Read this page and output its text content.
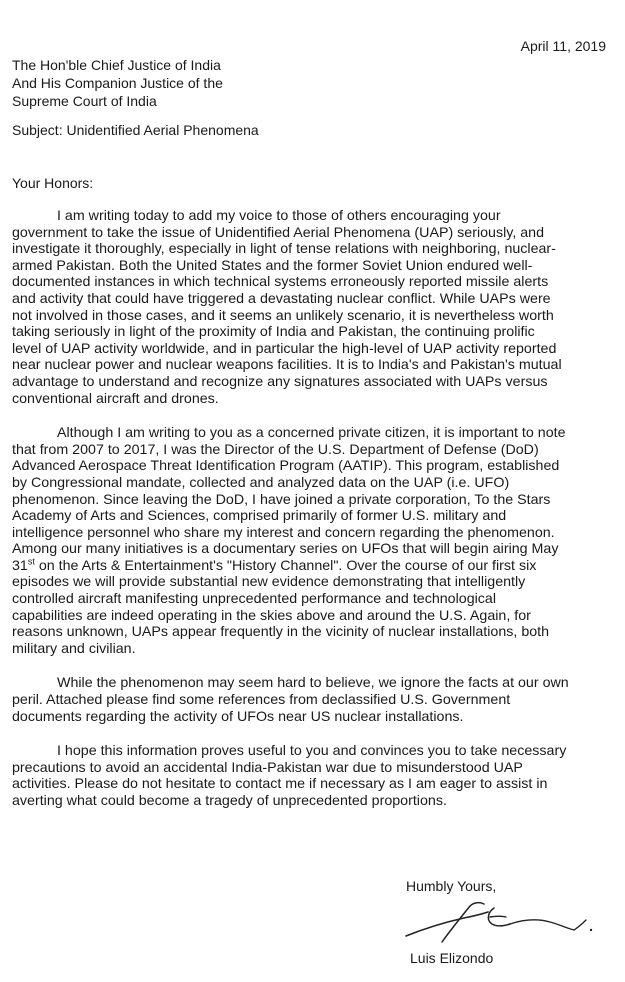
April 11, 2019
The Hon'ble Chief Justice of India
And His Companion Justice of the
Supreme Court of India
Subject: Unidentified Aerial Phenomena
Your Honors:

I am writing today to add my voice to those of others encouraging your
government to take the issue of Unidentified Aerial Phenomena (UAP) seriously, and
investigate it thoroughly, especially in light of tense relations with neighboring, nuclear-
armed Pakistan. Both the United States and the former Soviet Union endured well-
documented instances in which technical systems erroneously reported missile alerts
and activity that could have triggered a devastating nuclear conflict. While UAPs were
not involved in those cases, and it seems an unlikely scenario, it is nevertheless worth
taking seriously in light of the proximity of India and Pakistan, the continuing prolific
level of UAP activity worldwide, and in particular the high-level of UAP activity reported
near nuclear power and nuclear weapons facilities. It is to India's and Pakistan's mutual
advantage to understand and recognize any signatures associated with UAPs versus
conventional aircraft and drones.

Although I am writing to you as a concerned private citizen, it is important to note
that from 2007 to 2017, I was the Director of the U.S. Department of Defense (DoD)
Advanced Aerospace Threat Identification Program (AATIP). This program, established
by Congressional mandate, collected and analyzed data on the UAP (i.e. UFO)
phenomenon. Since leaving the DoD, I have joined a private corporation, To the Stars
Academy of Arts and Sciences, comprised primarily of former U.S. military and
intelligence personnel who share my interest and concern regarding the phenomenon.
Among our many initiatives is a documentary series on UFOs that will begin airing May
31st on the Arts & Entertainment's "History Channel". Over the course of our first six
episodes we will provide substantial new evidence demonstrating that intelligently
controlled aircraft manifesting unprecedented performance and technological
capabilities are indeed operating in the skies above and around the U.S. Again, for
reasons unknown, UAPs appear frequently in the vicinity of nuclear installations, both
military and civilian.

While the phenomenon may seem hard to believe, we ignore the facts at our own
peril. Attached please find some references from declassified U.S. Government
documents regarding the activity of UFOs near US nuclear installations.

I hope this information proves useful to you and convinces you to take necessary
precautions to avoid an accidental India-Pakistan war due to misunderstood UAP
activities. Please do not hesitate to contact me if necessary as I am eager to assist in
averting what could become a tragedy of unprecedented proportions.

Humbly Yours,
Luis Elizondo
